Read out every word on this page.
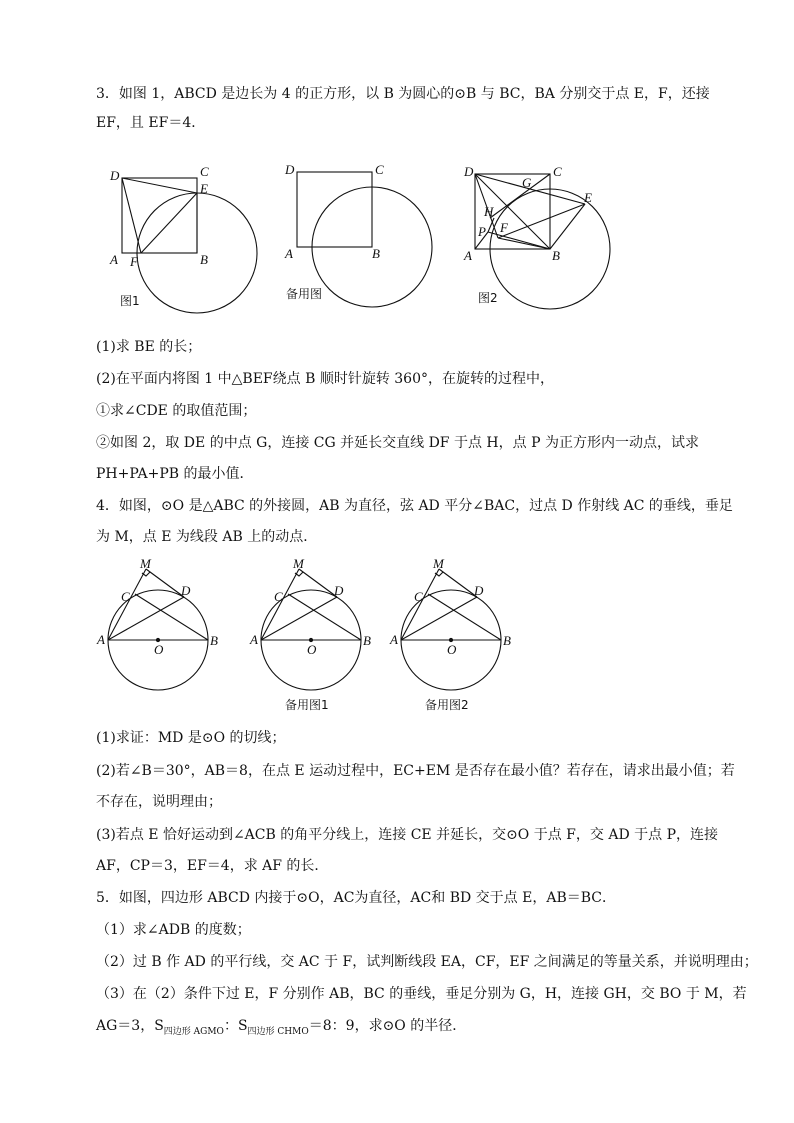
3．如图 1，ABCD 是边长为 4 的正方形，以 B 为圆心的⊙B 与 BC，BA 分别交于点 E，F，还接
EF，且 EF＝4．
D	C
E
A F	B
图1
D	C
A	B
备用图
D
G
C
E
H
F
P
A	B
图2
(1)求 BE 的长；
(2)在平面内将图 1 中△BEF绕点 B 顺时针旋转 360°，在旋转的过程中，
①求∠CDE 的取值范围；
②如图 2，取 DE 的中点 G，连接 CG 并延长交直线 DF 于点 H，点 P 为正方形内一动点，试求
PH+PA+PB 的最小值．
4．如图，⊙O 是△ABC 的外接圆，AB 为直径，弦 AD 平分∠BAC，过点 D 作射线 AC 的垂线，垂足
为 M，点 E 为线段 AB 上的动点．
M
C	D
A
O
B
M
C	D
A
O
B
备用图1
M
C	D
A
O
B
备用图2
(1)求证：MD 是⊙O 的切线；
(2)若∠B＝30°，AB＝8，在点 E 运动过程中，EC+EM 是否存在最小值？若存在，请求出最小值；若
不存在，说明理由；
(3)若点 E 恰好运动到∠ACB 的角平分线上，连接 CE 并延长，交⊙O 于点 F，交 AD 于点 P，连接
AF，CP＝3，EF＝4，求 AF 的长．
5．如图，四边形 ABCD 内接于⊙O，AC为直径，AC和 BD 交于点 E，AB＝BC．
（1）求∠ADB 的度数；
（2）过 B 作 AD 的平行线，交 AC 于 F，试判断线段 EA，CF，EF 之间满足的等量关系，并说明理由；
（3）在（2）条件下过 E，F 分别作 AB，BC 的垂线，垂足分别为 G，H，连接 GH，交 BO 于 M，若
AG＝3，$S_{四边形 AGMO}$：$S_{四边形 CHMO}=8$：9，求⊙O 的半径．
